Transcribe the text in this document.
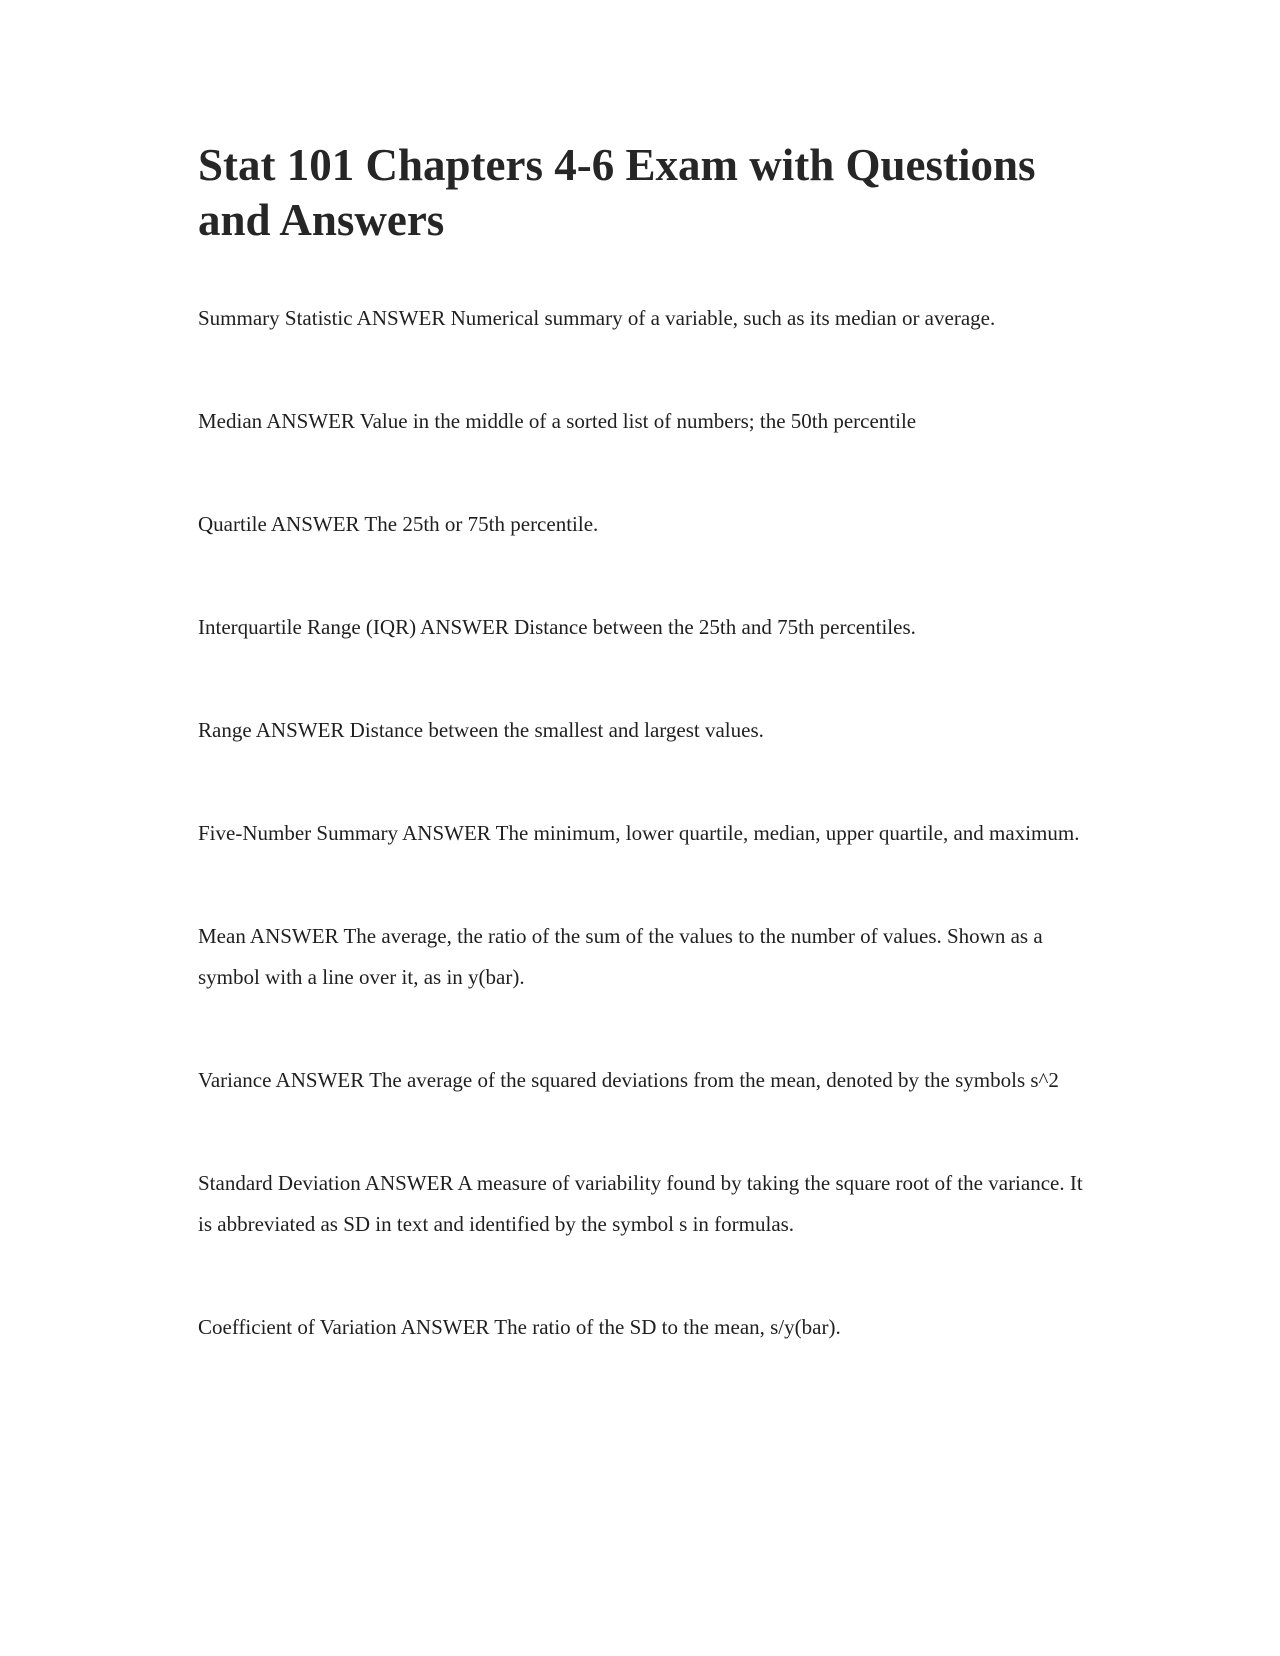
Stat 101 Chapters 4-6 Exam with Questions and Answers

Summary Statistic ANSWER Numerical summary of a variable, such as its median or average.

Median ANSWER Value in the middle of a sorted list of numbers; the 50th percentile

Quartile ANSWER The 25th or 75th percentile.

Interquartile Range (IQR) ANSWER Distance between the 25th and 75th percentiles.

Range ANSWER Distance between the smallest and largest values.

Five-Number Summary ANSWER The minimum, lower quartile, median, upper quartile, and maximum.

Mean ANSWER The average, the ratio of the sum of the values to the number of values. Shown as a symbol with a line over it, as in y(bar).

Variance ANSWER The average of the squared deviations from the mean, denoted by the symbols s^2

Standard Deviation ANSWER A measure of variability found by taking the square root of the variance. It is abbreviated as SD in text and identified by the symbol s in formulas.

Coefficient of Variation ANSWER The ratio of the SD to the mean, s/y(bar).
